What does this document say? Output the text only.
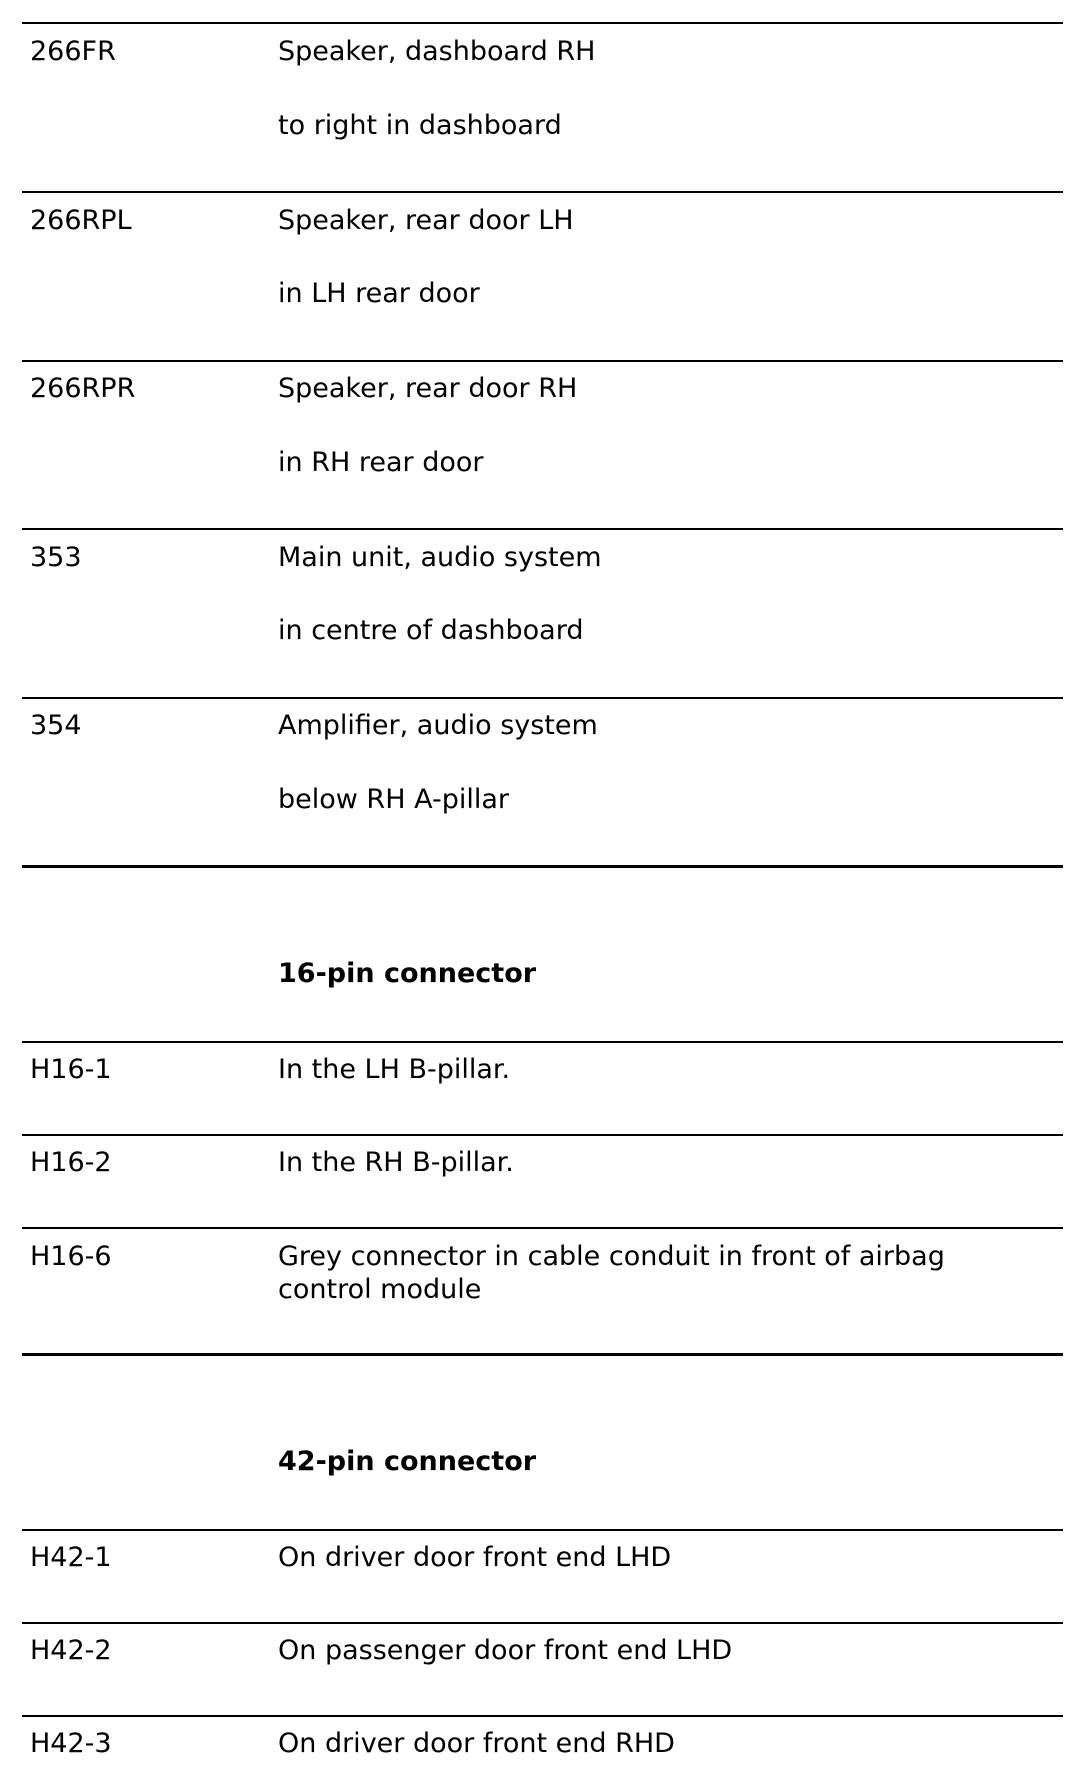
266FR	Speaker, dashboard RH
to right in dashboard
266RPL	Speaker, rear door LH
in LH rear door
266RPR	Speaker, rear door RH
in RH rear door
353	Main unit, audio system
in centre of dashboard
354	Amplifier, audio system
below RH A-pillar
16-pin connector
H16-1	In the LH B-pillar.
H16-2	In the RH B-pillar.
H16-6	Grey connector in cable conduit in front of airbag
control module
42-pin connector
H42-1	On driver door front end LHD
H42-2	On passenger door front end LHD
H42-3	On driver door front end RHD
